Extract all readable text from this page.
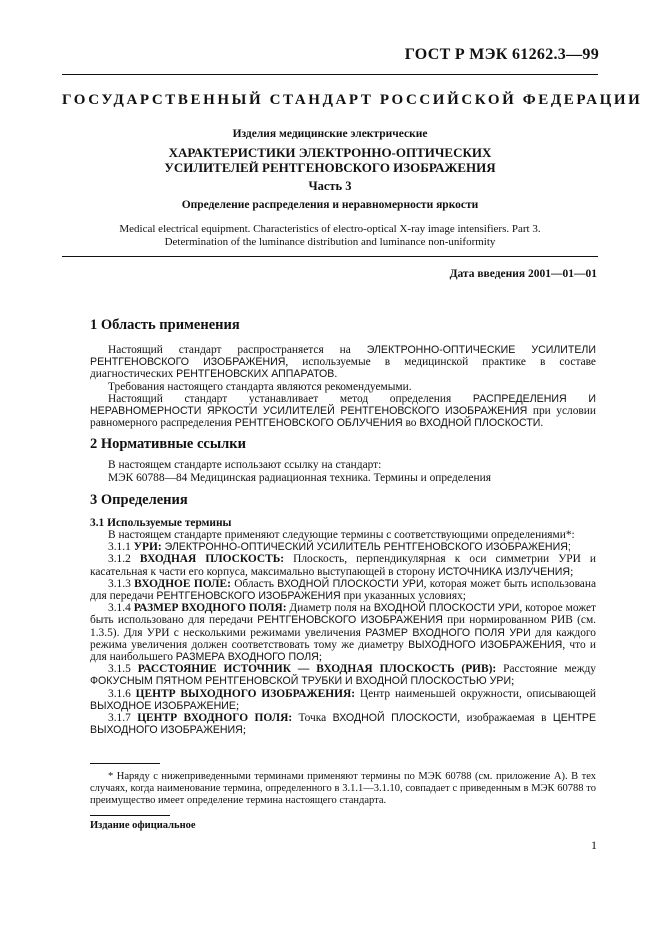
ГОСТ Р МЭК 61262.3—99
ГОСУДАРСТВЕННЫЙ СТАНДАРТ РОССИЙСКОЙ ФЕДЕРАЦИИ
Изделия медицинские электрические
ХАРАКТЕРИСТИКИ ЭЛЕКТРОННО-ОПТИЧЕСКИХ
УСИЛИТЕЛЕЙ РЕНТГЕНОВСКОГО ИЗОБРАЖЕНИЯ
Часть 3
Определение распределения и неравномерности яркости
Medical electrical equipment. Characteristics of electro-optical X-ray image intensifiers. Part 3.
Determination of the luminance distribution and luminance non-uniformity
Дата введения 2001—01—01
1 Область применения

Настоящий стандарт распространяется на ЭЛЕКТРОННО-ОПТИЧЕСКИЕ УСИЛИТЕЛИ РЕНТГЕНОВСКОГО ИЗОБРАЖЕНИЯ, используемые в медицинской практике в составе диагностических РЕНТГЕНОВСКИХ АППАРАТОВ.

Требования настоящего стандарта являются рекомендуемыми.

Настоящий стандарт устанавливает метод определения РАСПРЕДЕЛЕНИЯ И НЕРАВНОМЕРНОСТИ ЯРКОСТИ УСИЛИТЕЛЕЙ РЕНТГЕНОВСКОГО ИЗОБРАЖЕНИЯ при условии равномерного распределения РЕНТГЕНОВСКОГО ОБЛУЧЕНИЯ во ВХОДНОЙ ПЛОСКОСТИ.

2 Нормативные ссылки

В настоящем стандарте использают ссылку на стандарт:

МЭК 60788—84 Медицинская радиационная техника. Термины и определения

3 Определения
3.1 Используемые термины

В настоящем стандарте применяют следующие термины с соответствующими определениями*:

3.1.1 УРИ: ЭЛЕКТРОННО-ОПТИЧЕСКИЙ УСИЛИТЕЛЬ РЕНТГЕНОВСКОГО ИЗОБРАЖЕНИЯ;

3.1.2 ВХОДНАЯ ПЛОСКОСТЬ: Плоскость, перпендикулярная к оси симметрии УРИ и касательная к части его корпуса, максимально выступающей в сторону ИСТОЧНИКА ИЗЛУЧЕНИЯ;

3.1.3 ВХОДНОЕ ПОЛЕ: Область ВХОДНОЙ ПЛОСКОСТИ УРИ, которая может быть использована для передачи РЕНТГЕНОВСКОГО ИЗОБРАЖЕНИЯ при указанных условиях;

3.1.4 РАЗМЕР ВХОДНОГО ПОЛЯ: Диаметр поля на ВХОДНОЙ ПЛОСКОСТИ УРИ, которое может быть использовано для передачи РЕНТГЕНОВСКОГО ИЗОБРАЖЕНИЯ при нормированном РИВ (см. 1.3.5). Для УРИ с несколькими режимами увеличения РАЗМЕР ВХОДНОГО ПОЛЯ УРИ для каждого режима увеличения должен соответствовать тому же диаметру ВЫХОДНОГО ИЗОБРАЖЕНИЯ, что и для наибольшего РАЗМЕРА ВХОДНОГО ПОЛЯ;

3.1.5 РАССТОЯНИЕ ИСТОЧНИК — ВХОДНАЯ ПЛОСКОСТЬ (РИВ): Расстояние между ФОКУСНЫМ ПЯТНОМ РЕНТГЕНОВСКОЙ ТРУБКИ И ВХОДНОЙ ПЛОСКОСТЬЮ УРИ;

3.1.6 ЦЕНТР ВЫХОДНОГО ИЗОБРАЖЕНИЯ: Центр наименьшей окружности, описывающей ВЫХОДНОЕ ИЗОБРАЖЕНИЕ;

3.1.7 ЦЕНТР ВХОДНОГО ПОЛЯ: Точка ВХОДНОЙ ПЛОСКОСТИ, изображаемая в ЦЕНТРЕ ВЫХОДНОГО ИЗОБРАЖЕНИЯ;

* Наряду с нижеприведенными терминами применяют термины по МЭК 60788 (см. приложение А). В тех случаях, когда наименование термина, определенного в 3.1.1—3.1.10, совпадает с приведенным в МЭК 60788 то преимущество имеет определение термина настоящего стандарта.
Издание официальное
1
